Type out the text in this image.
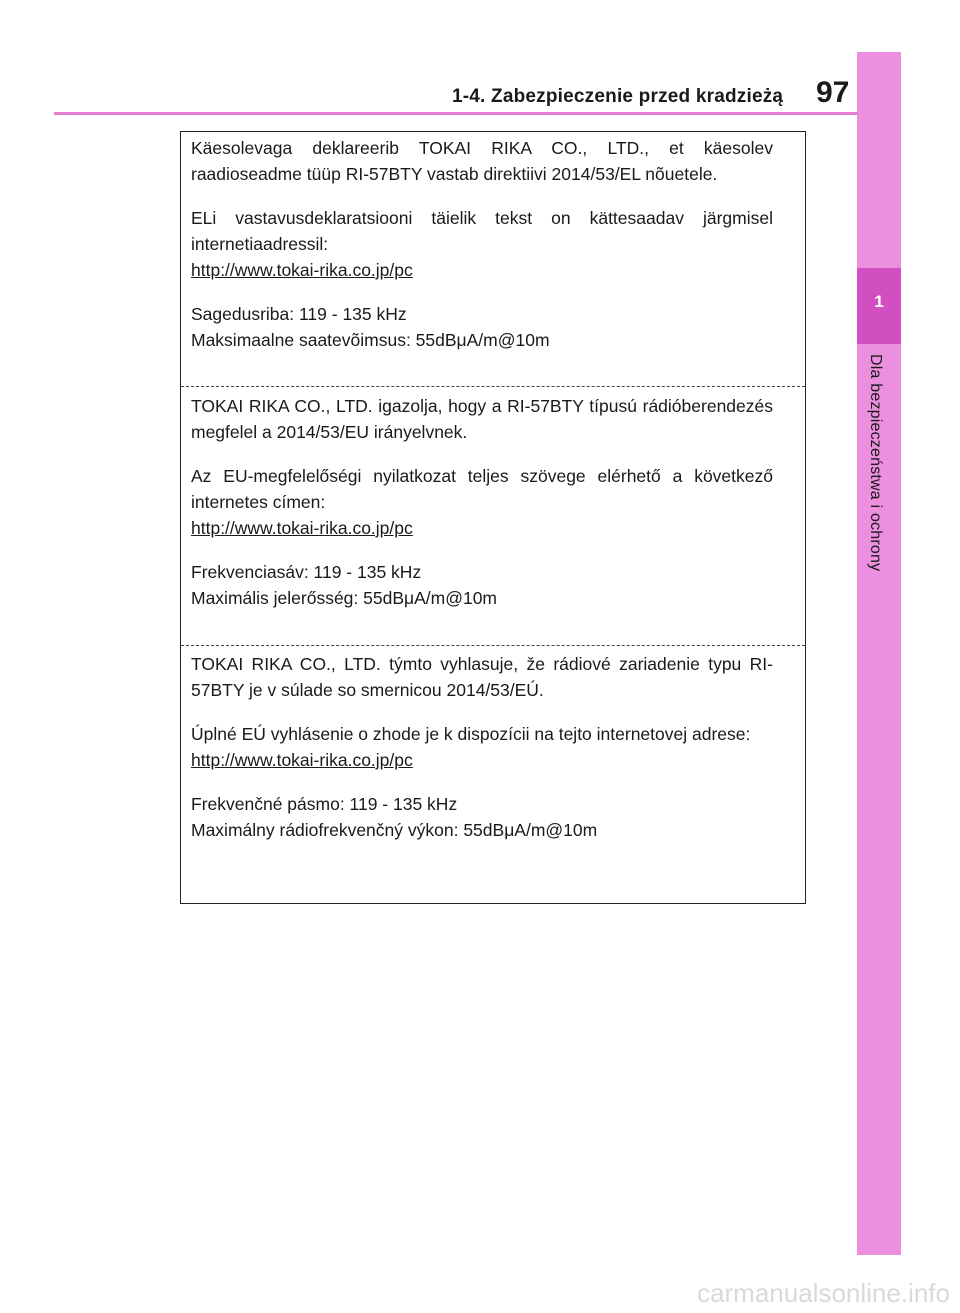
1
Dla bezpieczeństwa i ochrony
1-4. Zabezpieczenie przed kradzieżą 97

Käesolevaga deklareerib TOKAI RIKA CO., LTD., et käesolev raadioseadme tüüp RI-57BTY vastab direktiivi 2014/53/EL nõuetele.

ELi vastavusdeklaratsiooni täielik tekst on kättesaadav järgmisel internetiaadressil:

http://www.tokai-rika.co.jp/pc

Sagedusriba: 119 - 135 kHz

Maksimaalne saatevõimsus: 55dBμA/m@10m

TOKAI RIKA CO., LTD. igazolja, hogy a RI-57BTY típusú rádióberendezés megfelel a 2014/53/EU irányelvnek.

Az EU-megfelelőségi nyilatkozat teljes szövege elérhető a következő internetes címen:

http://www.tokai-rika.co.jp/pc

Frekvenciasáv: 119 - 135 kHz

Maximális jelerősség: 55dBμA/m@10m

TOKAI RIKA CO., LTD. týmto vyhlasuje, že rádiové zariadenie typu RI-57BTY je v súlade so smernicou 2014/53/EÚ.

Úplné EÚ vyhlásenie o zhode je k dispozícii na tejto internetovej adrese:

http://www.tokai-rika.co.jp/pc

Frekvenčné pásmo: 119 - 135 kHz

Maximálny rádiofrekvenčný výkon: 55dBμA/m@10m

carmanualsonline.info
